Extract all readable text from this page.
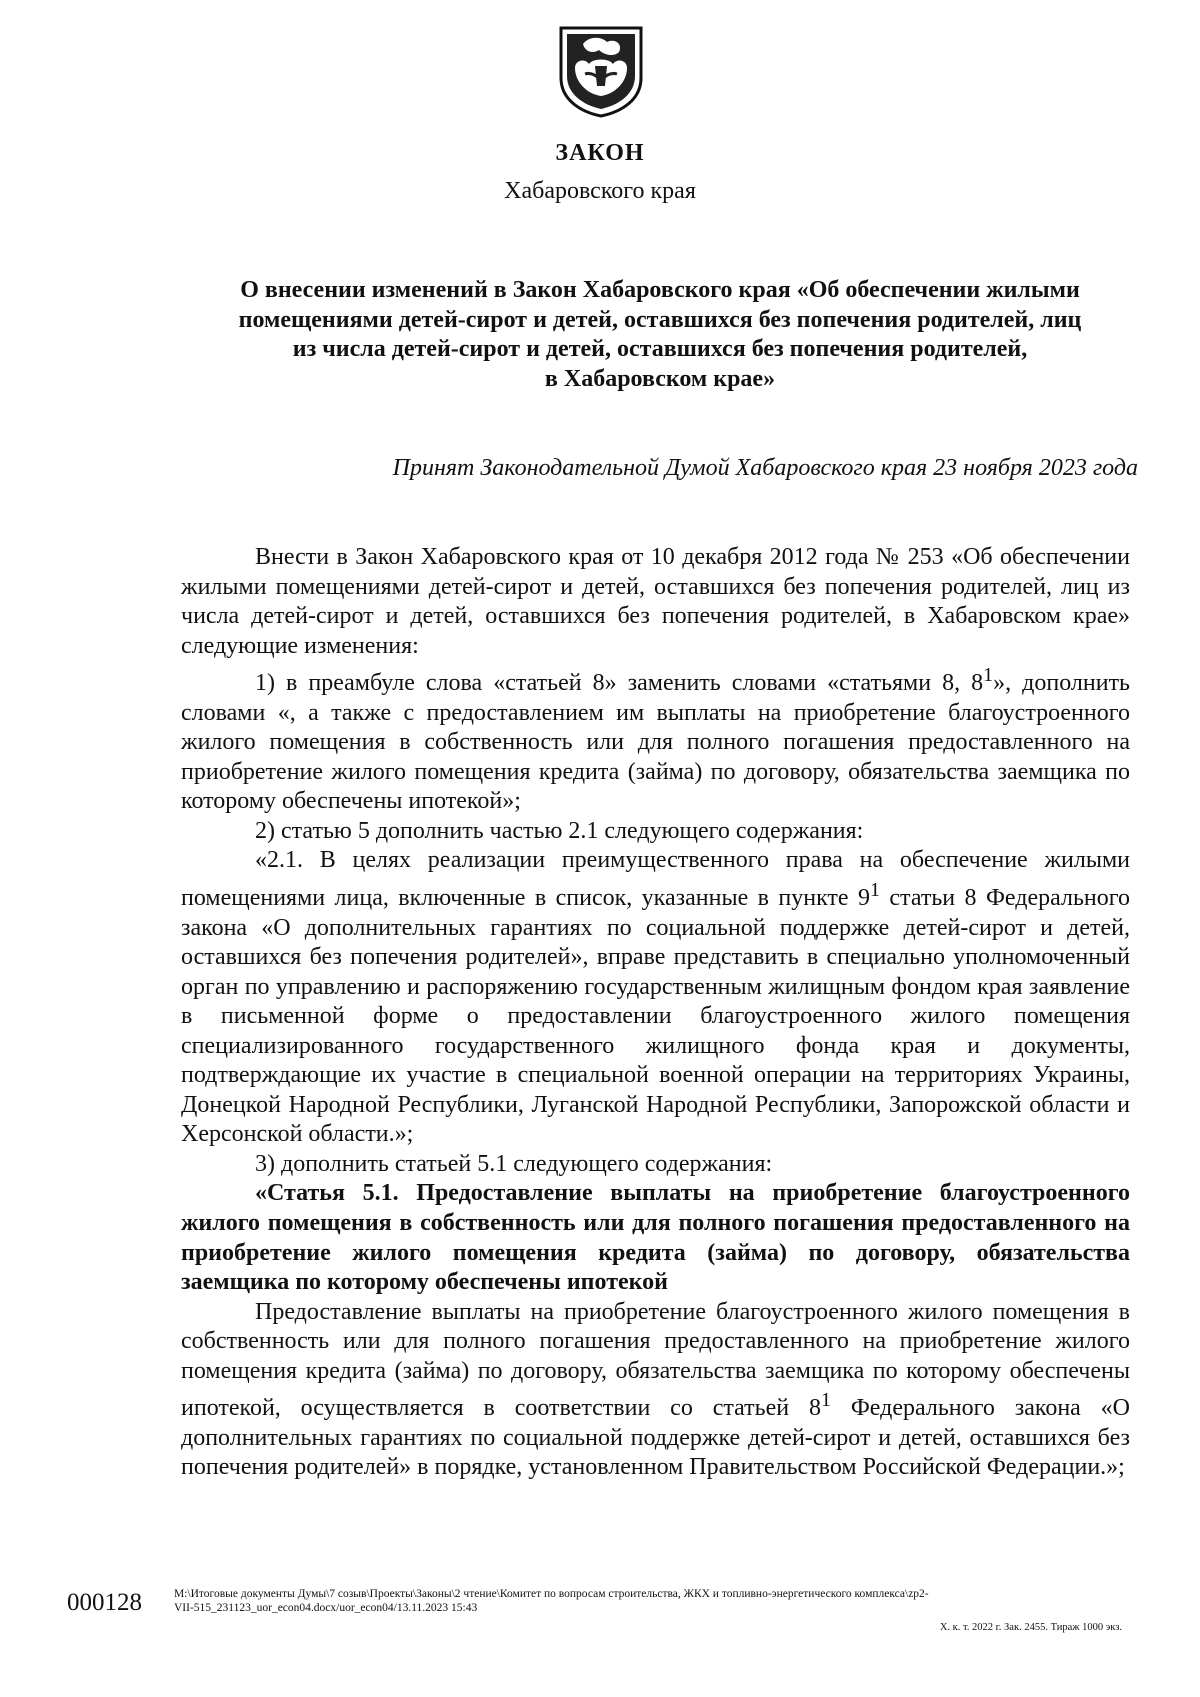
ЗАКОН
Хабаровского края
О внесении изменений в Закон Хабаровского края «Об обеспечении жилыми
помещениями детей-сирот и детей, оставшихся без попечения родителей, лиц
из числа детей-сирот и детей, оставшихся без попечения родителей,
в Хабаровском крае»
Принят Законодательной Думой Хабаровского края 23 ноября 2023 года

Внести в Закон Хабаровского края от 10 декабря 2012 года № 253 «Об обеспечении жилыми помещениями детей-сирот и детей, оставшихся без попечения родителей, лиц из числа детей-сирот и детей, оставшихся без попечения родителей, в Хабаровском крае» следующие изменения:

1) в преамбуле слова «статьей 8» заменить словами «статьями 8, $8^1$», дополнить словами «, а также с предоставлением им выплаты на приобретение благоустроенного жилого помещения в собственность или для полного погашения предоставленного на приобретение жилого помещения кредита (займа) по договору, обязательства заемщика по которому обеспечены ипотекой»;

2) статью 5 дополнить частью 2.1 следующего содержания:

«2.1. В целях реализации преимущественного права на обеспечение жилыми помещениями лица, включенные в список, указанные в пункте $9^1$ статьи 8 Федерального закона «О дополнительных гарантиях по социальной поддержке детей-сирот и детей, оставшихся без попечения родителей», вправе представить в специально уполномоченный орган по управлению и распоряжению государственным жилищным фондом края заявление в письменной форме о предоставлении благоустроенного жилого помещения специализированного государственного жилищного фонда края и документы, подтверждающие их участие в специальной военной операции на территориях Украины, Донецкой Народной Республики, Луганской Народной Республики, Запорожской области и Херсонской области.»;

3) дополнить статьей 5.1 следующего содержания:

«Статья 5.1. Предоставление выплаты на приобретение благоустроенного жилого помещения в собственность или для полного погашения предоставленного на приобретение жилого помещения кредита (займа) по договору, обязательства заемщика по которому обеспечены ипотекой

Предоставление выплаты на приобретение благоустроенного жилого помещения в собственность или для полного погашения предоставленного на приобретение жилого помещения кредита (займа) по договору, обязательства заемщика по которому обеспечены ипотекой, осуществляется в соответствии со статьей $8^1$ Федерального закона «О дополнительных гарантиях по социальной поддержке детей-сирот и детей, оставшихся без попечения родителей» в порядке, установленном Правительством Российской Федерации.»;

000128	M:\Итоговые документы Думы\7 созыв\Проекты\Законы\2 чтение\Комитет по вопросам строительства, ЖКХ и топливно-энергетического комплекса\zp2-
VII-515_231123_uor_econ04.docx/uor_econ04/13.11.2023 15:43
Х. к. т. 2022 г. Зак. 2455. Тираж 1000 экз.
